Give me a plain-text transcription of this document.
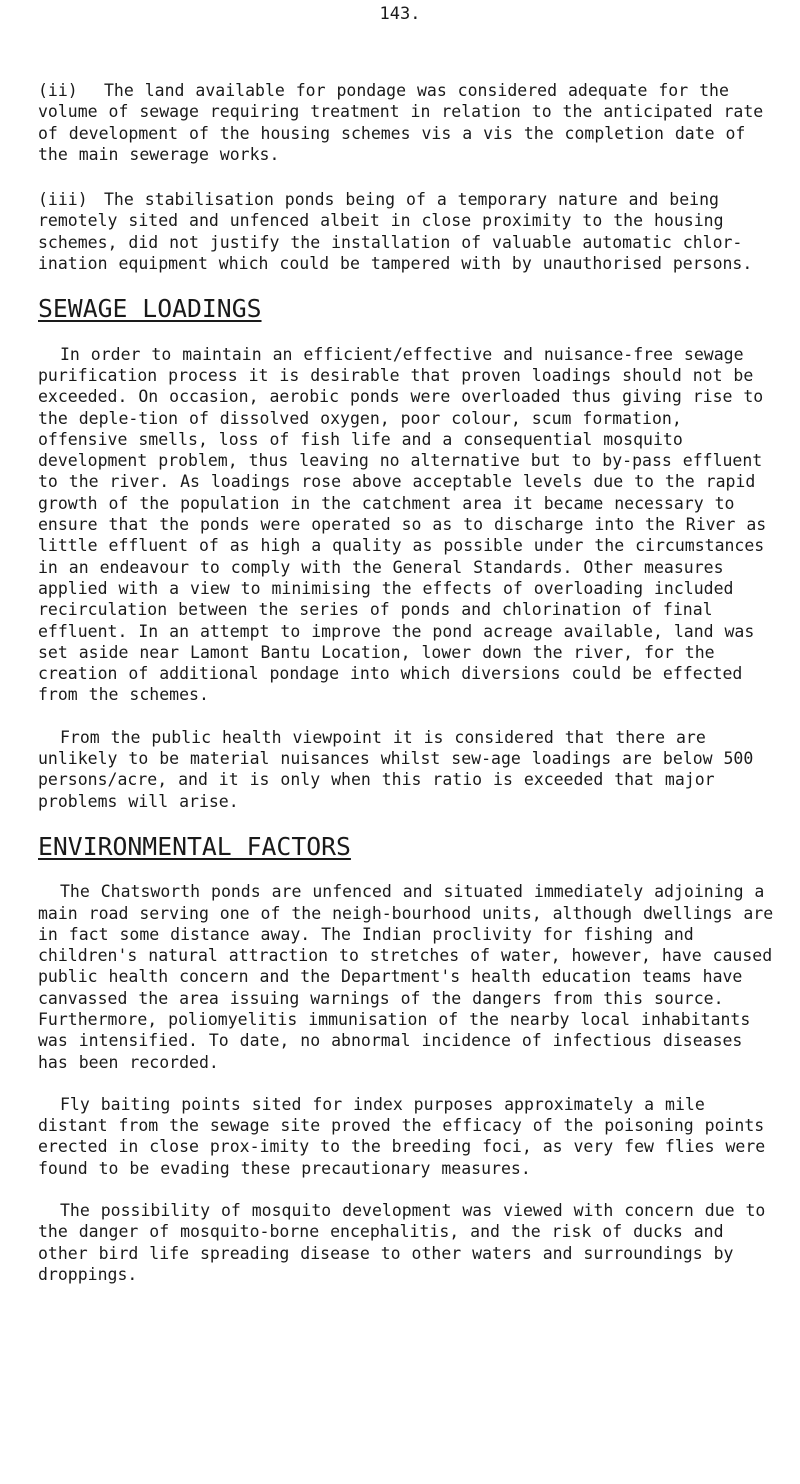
143.

(ii) The land available for pondage was considered adequate for the volume of sewage requiring treatment in relation to the anticipated rate of development of the housing schemes vis a vis the completion date of the main sewerage works.

(iii) The stabilisation ponds being of a temporary nature and being remotely sited and unfenced albeit in close proximity to the housing schemes, did not justify the installation of valuable automatic chlor-ination equipment which could be tampered with by unauthorised persons.

SEWAGE LOADINGS

In order to maintain an efficient/effective and nuisance-free sewage purification process it is desirable that proven loadings should not be exceeded. On occasion, aerobic ponds were overloaded thus giving rise to the deple-tion of dissolved oxygen, poor colour, scum formation, offensive smells, loss of fish life and a consequential mosquito development problem, thus leaving no alternative but to by-pass effluent to the river. As loadings rose above acceptable levels due to the rapid growth of the population in the catchment area it became necessary to ensure that the ponds were operated so as to discharge into the River as little effluent of as high a quality as possible under the circumstances in an endeavour to comply with the General Standards. Other measures applied with a view to minimising the effects of overloading included recirculation between the series of ponds and chlorination of final effluent. In an attempt to improve the pond acreage available, land was set aside near Lamont Bantu Location, lower down the river, for the creation of additional pondage into which diversions could be effected from the schemes.

From the public health viewpoint it is considered that there are unlikely to be material nuisances whilst sew-age loadings are below 500 persons/acre, and it is only when this ratio is exceeded that major problems will arise.

ENVIRONMENTAL FACTORS

The Chatsworth ponds are unfenced and situated immediately adjoining a main road serving one of the neigh-bourhood units, although dwellings are in fact some distance away. The Indian proclivity for fishing and children's natural attraction to stretches of water, however, have caused public health concern and the Department's health education teams have canvassed the area issuing warnings of the dangers from this source. Furthermore, poliomyelitis immunisation of the nearby local inhabitants was intensified. To date, no abnormal incidence of infectious diseases has been recorded.

Fly baiting points sited for index purposes approximately a mile distant from the sewage site proved the efficacy of the poisoning points erected in close prox-imity to the breeding foci, as very few flies were found to be evading these precautionary measures.

The possibility of mosquito development was viewed with concern due to the danger of mosquito-borne encephalitis, and the risk of ducks and other bird life spreading disease to other waters and surroundings by droppings.
